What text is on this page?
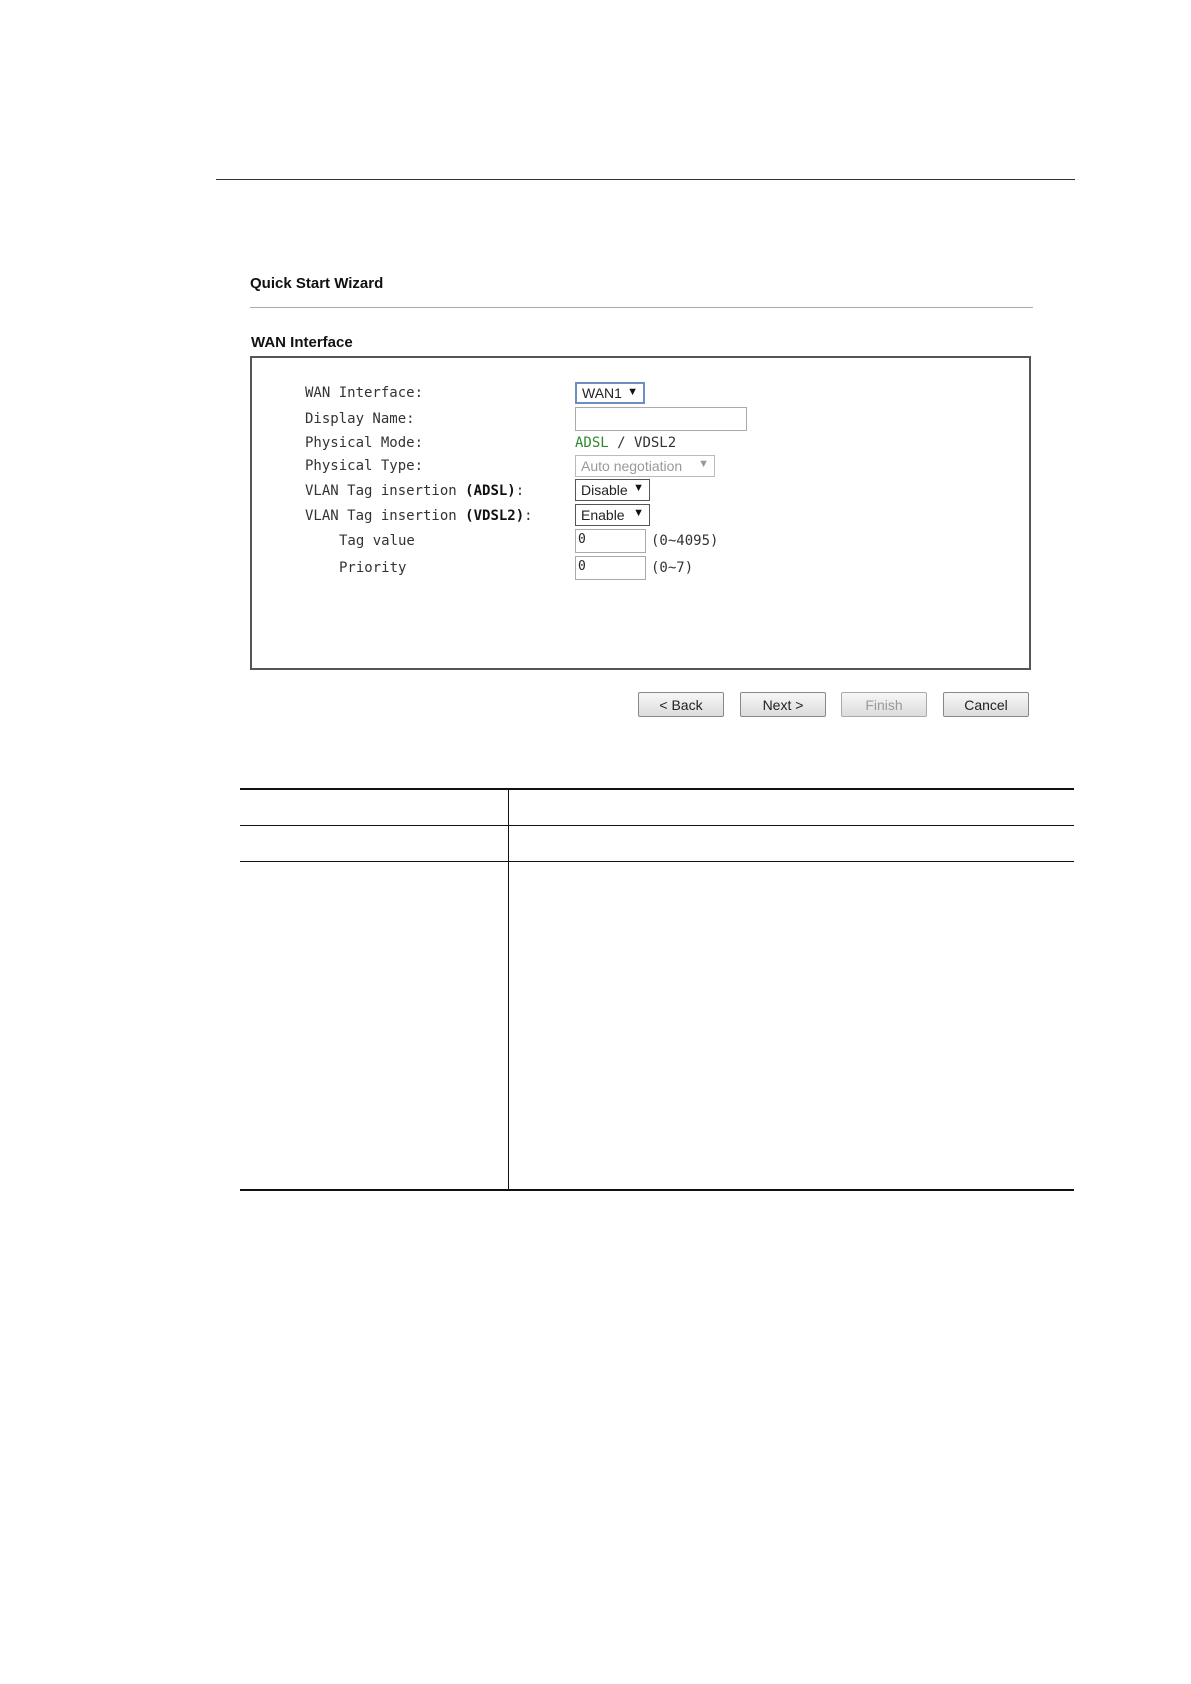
Quick Start Wizard
WAN Interface
WAN Interface:	WAN1 ▼
Display Name:
Physical Mode:	ADSL / VDSL2
Physical Type:	Auto negotiation ▼
VLAN Tag insertion (ADSL):	Disable ▼
VLAN Tag insertion (VDSL2):	Enable ▼
Tag value	0	(0~4095)
Priority	0	(0~7)
< Back	Next >	Finish	Cancel
